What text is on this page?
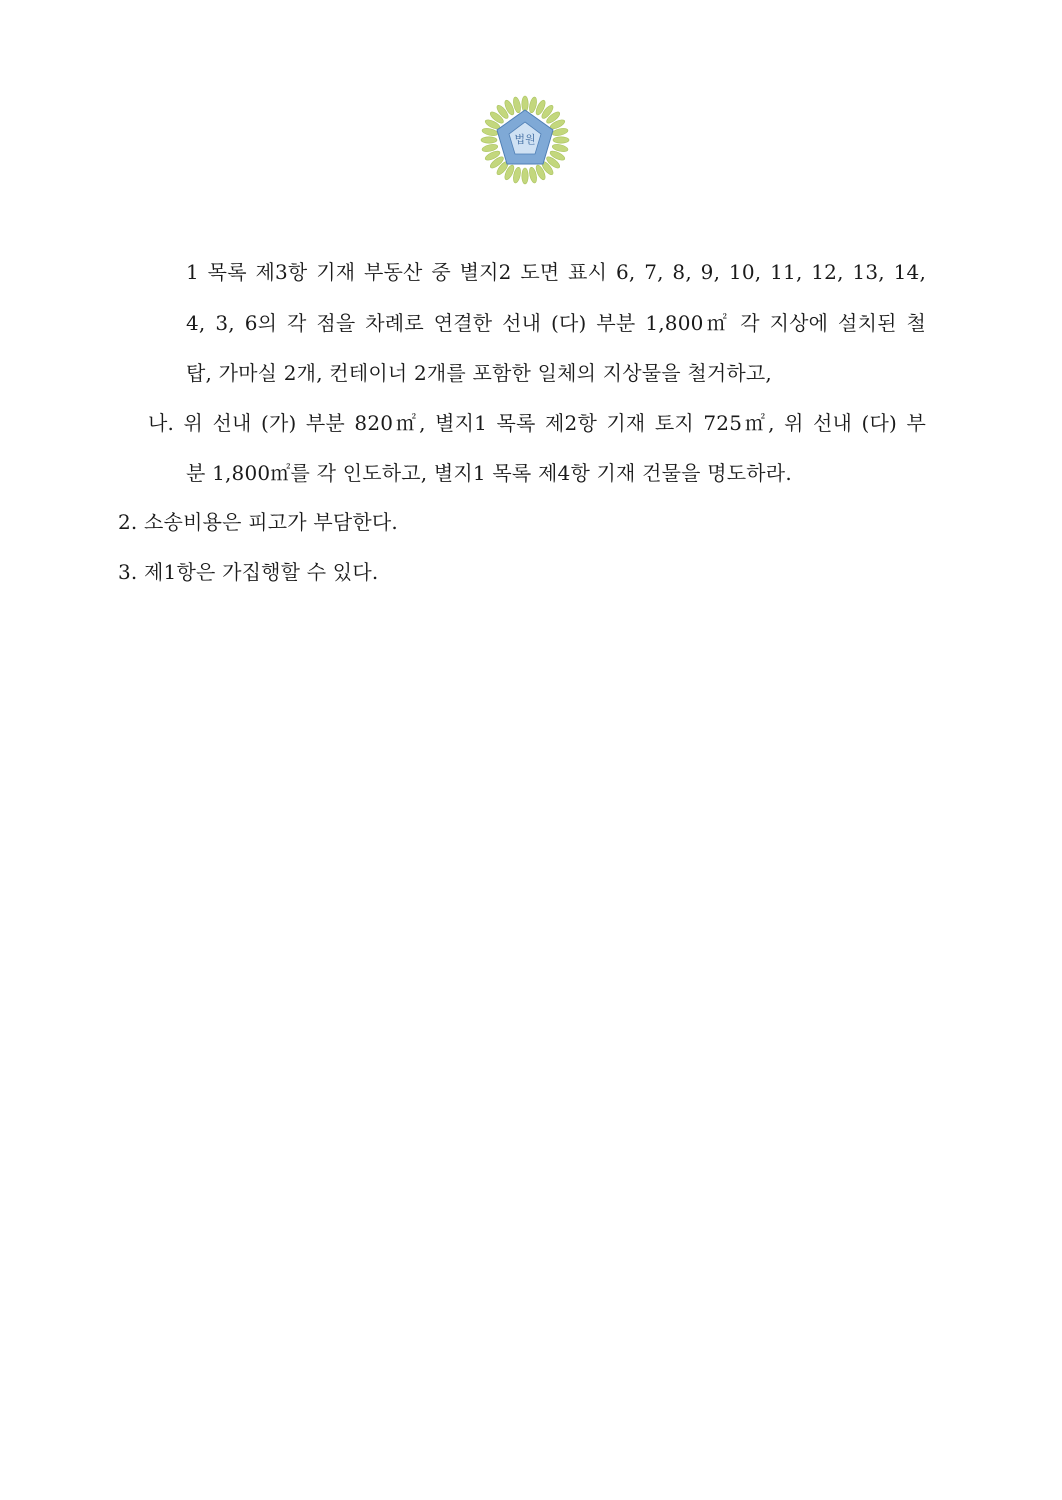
법원
1 목록 제3항 기재 부동산 중 별지2 도면 표시 6, 7, 8, 9, 10, 11, 12, 13, 14,
4, 3, 6의 각 점을 차례로 연결한 선내 (다) 부분 1,800㎡ 각 지상에 설치된 철
탑, 가마실 2개, 컨테이너 2개를 포함한 일체의 지상물을 철거하고,
나. 위 선내 (가) 부분 820㎡, 별지1 목록 제2항 기재 토지 725㎡, 위 선내 (다) 부
분 1,800㎡를 각 인도하고, 별지1 목록 제4항 기재 건물을 명도하라.
2. 소송비용은 피고가 부담한다.
3. 제1항은 가집행할 수 있다.
